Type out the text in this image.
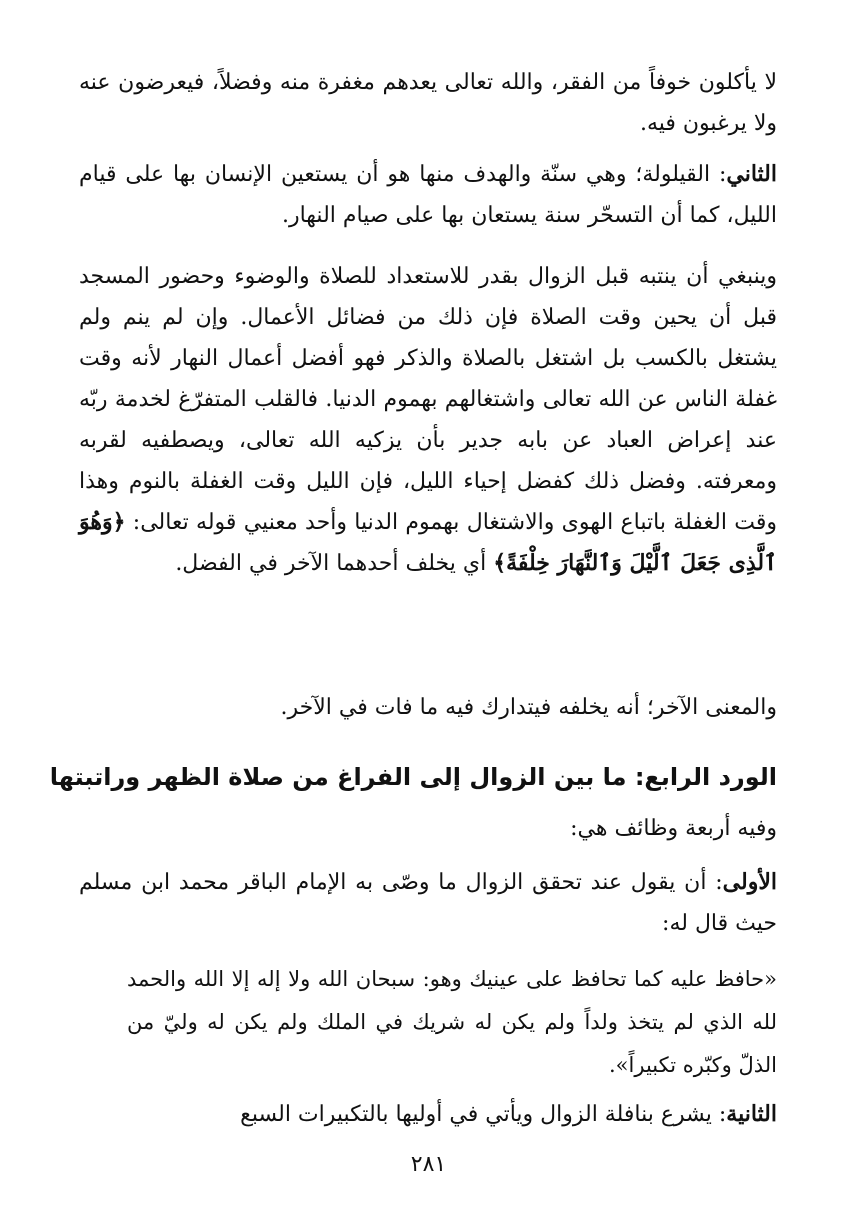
لا يأكلون خوفاً من الفقر، والله تعالى يعدهم مغفرة منه وفضلاً، فيعرضون عنه ولا يرغبون فيه.

الثاني: القيلولة؛ وهي سنّة والهدف منها هو أن يستعين الإنسان بها على قيام الليل، كما أن التسحّر سنة يستعان بها على صيام النهار.

وينبغي أن ينتبه قبل الزوال بقدر للاستعداد للصلاة والوضوء وحضور المسجد قبل أن يحين وقت الصلاة فإن ذلك من فضائل الأعمال. وإن لم ينم ولم يشتغل بالكسب بل اشتغل بالصلاة والذكر فهو أفضل أعمال النهار لأنه وقت غفلة الناس عن الله تعالى واشتغالهم بهموم الدنيا. فالقلب المتفرّغ لخدمة ربّه عند إعراض العباد عن بابه جدير بأن يزكيه الله تعالى، ويصطفيه لقربه ومعرفته. وفضل ذلك كفضل إحياء الليل، فإن الليل وقت الغفلة بالنوم وهذا وقت الغفلة باتباع الهوى والاشتغال بهموم الدنيا وأحد معنيي قوله تعالى: ﴿وَهُوَ ٱلَّذِى جَعَلَ ٱلَّيْلَ وَٱلنَّهَارَ خِلْفَةً﴾ أي يخلف أحدهما الآخر في الفضل.

والمعنى الآخر؛ أنه يخلفه فيتدارك فيه ما فات في الآخر.

الورد الرابع: ما بين الزوال إلى الفراغ من صلاة الظهر وراتبتها

وفيه أربعة وظائف هي:

الأولى: أن يقول عند تحقق الزوال ما وصّى به الإمام الباقر محمد ابن مسلم حيث قال له:

«حافظ عليه كما تحافظ على عينيك وهو: سبحان الله ولا إله إلا الله والحمد لله الذي لم يتخذ ولداً ولم يكن له شريك في الملك ولم يكن له وليّ من الذلّ وكبّره تكبيراً».

الثانية: يشرع بنافلة الزوال ويأتي في أوليها بالتكبيرات السبع

٢٨١
